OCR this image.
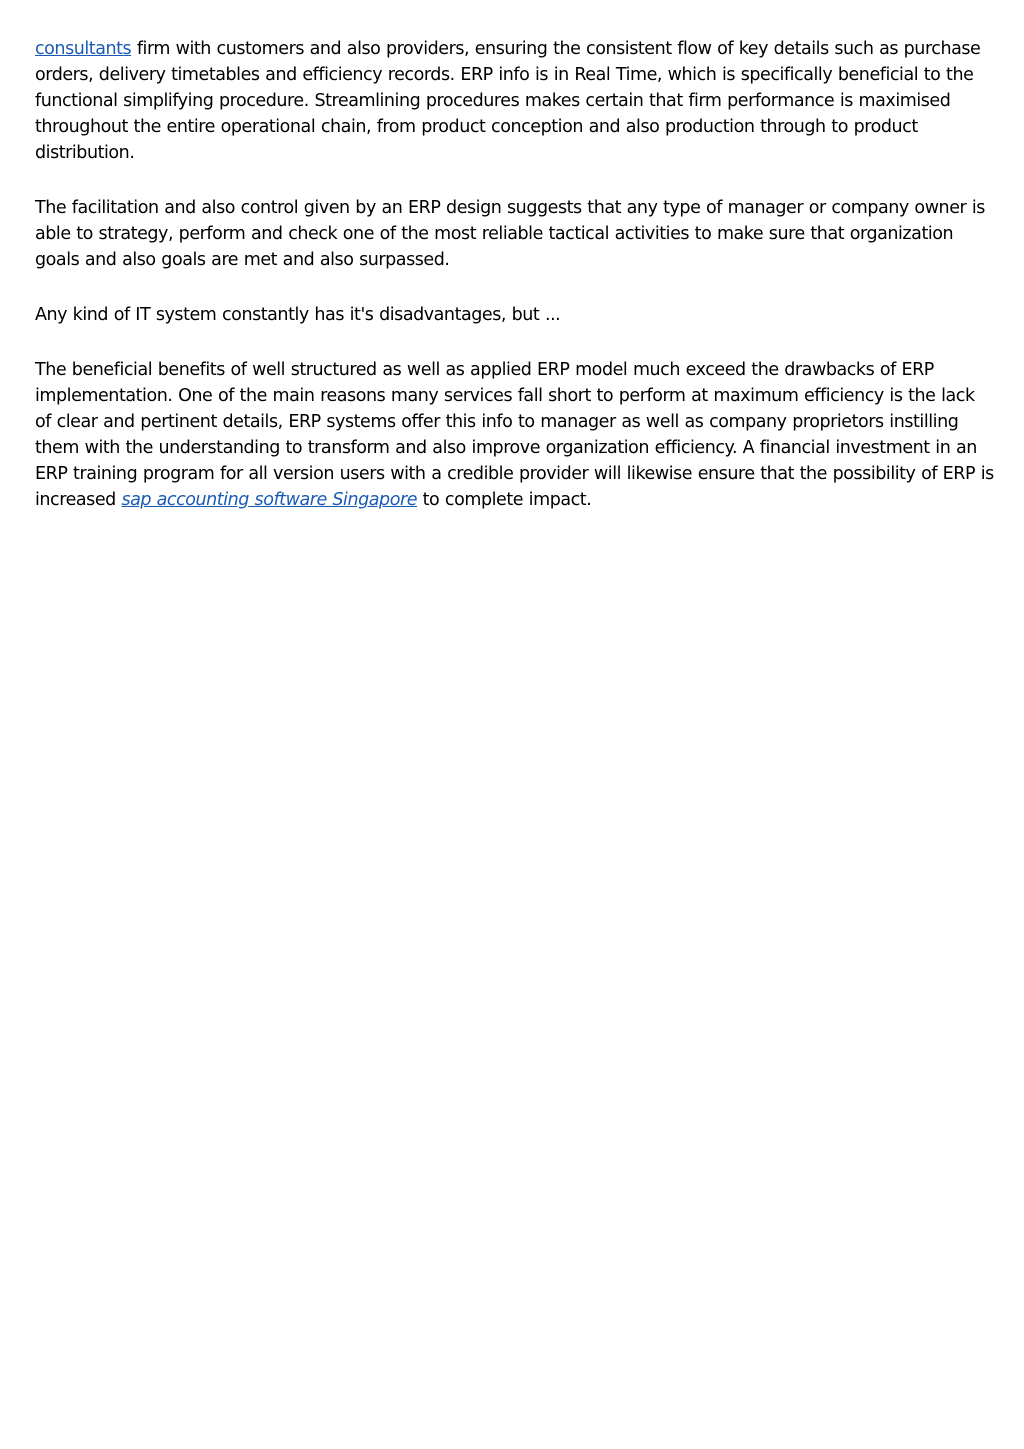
consultants firm with customers and also providers, ensuring the consistent flow of key details such as purchase orders, delivery timetables and efficiency records. ERP info is in Real Time, which is specifically beneficial to the functional simplifying procedure. Streamlining procedures makes certain that firm performance is maximised throughout the entire operational chain, from product conception and also production through to product distribution.

The facilitation and also control given by an ERP design suggests that any type of manager or company owner is able to strategy, perform and check one of the most reliable tactical activities to make sure that organization goals and also goals are met and also surpassed.

Any kind of IT system constantly has it's disadvantages, but ...

The beneficial benefits of well structured as well as applied ERP model much exceed the drawbacks of ERP implementation. One of the main reasons many services fall short to perform at maximum efficiency is the lack of clear and pertinent details, ERP systems offer this info to manager as well as company proprietors instilling them with the understanding to transform and also improve organization efficiency. A financial investment in an ERP training program for all version users with a credible provider will likewise ensure that the possibility of ERP is increased sap accounting software Singapore to complete impact.
